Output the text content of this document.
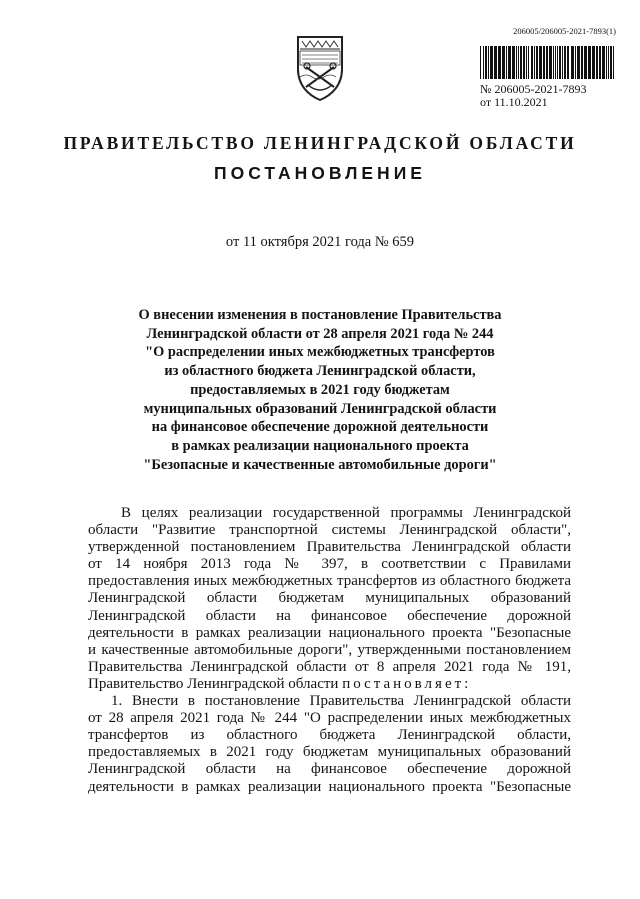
206005/206005-2021-7893(1)
№ 206005-2021-7893
от 11.10.2021
ПРАВИТЕЛЬСТВО ЛЕНИНГРАДСКОЙ ОБЛАСТИ
ПОСТАНОВЛЕНИЕ
от 11 октября 2021 года № 659
О внесении изменения в постановление Правительства
Ленинградской области от 28 апреля 2021 года № 244
"О распределении иных межбюджетных трансфертов
из областного бюджета Ленинградской области,
предоставляемых в 2021 году бюджетам
муниципальных образований Ленинградской области
на финансовое обеспечение дорожной деятельности
в рамках реализации национального проекта
"Безопасные и качественные автомобильные дороги"
В целях реализации государственной программы Ленинградской
области "Развитие транспортной системы Ленинградской области",
утвержденной постановлением Правительства Ленинградской области
от 14 ноября 2013 года № 397, в соответствии с Правилами
предоставления иных межбюджетных трансфертов из областного бюджета
Ленинградской области бюджетам муниципальных образований
Ленинградской области на финансовое обеспечение дорожной
деятельности в рамках реализации национального проекта "Безопасные
и качественные автомобильные дороги", утвержденными постановлением
Правительства Ленинградской области от 8 апреля 2021 года № 191,
Правительство Ленинградской области постановляет:
1. Внести в постановление Правительства Ленинградской области
от 28 апреля 2021 года № 244 "О распределении иных межбюджетных
трансфертов из областного бюджета Ленинградской области,
предоставляемых в 2021 году бюджетам муниципальных образований
Ленинградской области на финансовое обеспечение дорожной
деятельности в рамках реализации национального проекта "Безопасные
